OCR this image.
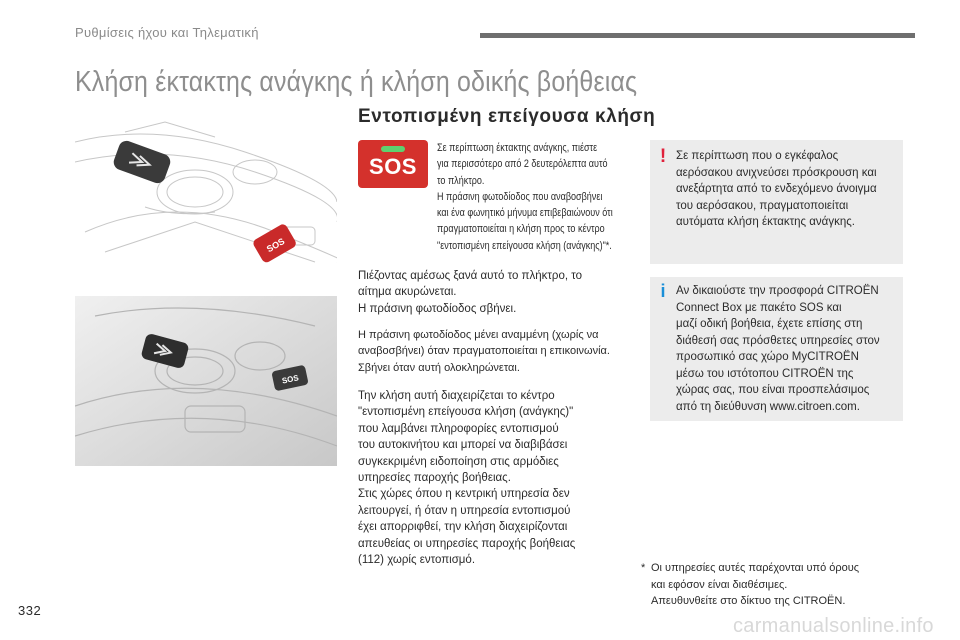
Ρυθμίσεις ήχου και Τηλεματική
Κλήση έκτακτης ανάγκης ή κλήση οδικής βοήθειας
SOS
SOS
Εντοπισμένη επείγουσα κλήση
SOS

Σε περίπτωση έκτακτης ανάγκης, πιέστε

για περισσότερο από 2 δευτερόλεπτα αυτό

το πλήκτρο.

Η πράσινη φωτοδίοδος που αναβοσβήνει

και ένα φωνητικό μήνυμα επιβεβαιώνουν ότι

πραγματοποιείται η κλήση προς το κέντρο

"εντοπισμένη επείγουσα κλήση (ανάγκης)"*.

Πιέζοντας αμέσως ξανά αυτό το πλήκτρο, το
αίτημα ακυρώνεται.
Η πράσινη φωτοδίοδος σβήνει.
Η πράσινη φωτοδίοδος μένει αναμμένη (χωρίς να
αναβοσβήνει) όταν πραγματοποιείται η επικοινωνία.
Σβήνει όταν αυτή ολοκληρώνεται.
Την κλήση αυτή διαχειρίζεται το κέντρο
"εντοπισμένη επείγουσα κλήση (ανάγκης)"
που λαμβάνει πληροφορίες εντοπισμού
του αυτοκινήτου και μπορεί να διαβιβάσει
συγκεκριμένη ειδοποίηση στις αρμόδιες
υπηρεσίες παροχής βοήθειας.
Στις χώρες όπου η κεντρική υπηρεσία δεν
λειτουργεί, ή όταν η υπηρεσία εντοπισμού
έχει απορριφθεί, την κλήση διαχειρίζονται
απευθείας οι υπηρεσίες παροχής βοήθειας
(112) χωρίς εντοπισμό.
! Σε περίπτωση που ο εγκέφαλος
αερόσακου ανιχνεύσει πρόσκρουση και
ανεξάρτητα από το ενδεχόμενο άνοιγμα
του αερόσακου, πραγματοποιείται
αυτόματα κλήση έκτακτης ανάγκης.
i Αν δικαιούστε την προσφορά CITROËN
Connect Box με πακέτο SOS και
μαζί οδική βοήθεια, έχετε επίσης στη
διάθεσή σας πρόσθετες υπηρεσίες στον
προσωπικό σας χώρο MyCITROËN
μέσω του ιστότοπου CITROËN της
χώρας σας, που είναι προσπελάσιμος
από τη διεύθυνση www.citroen.com.
* Οι υπηρεσίες αυτές παρέχονται υπό όρους
και εφόσον είναι διαθέσιμες.
Απευθυνθείτε στο δίκτυο της CITROËN.
332
carmanualsonline.info
